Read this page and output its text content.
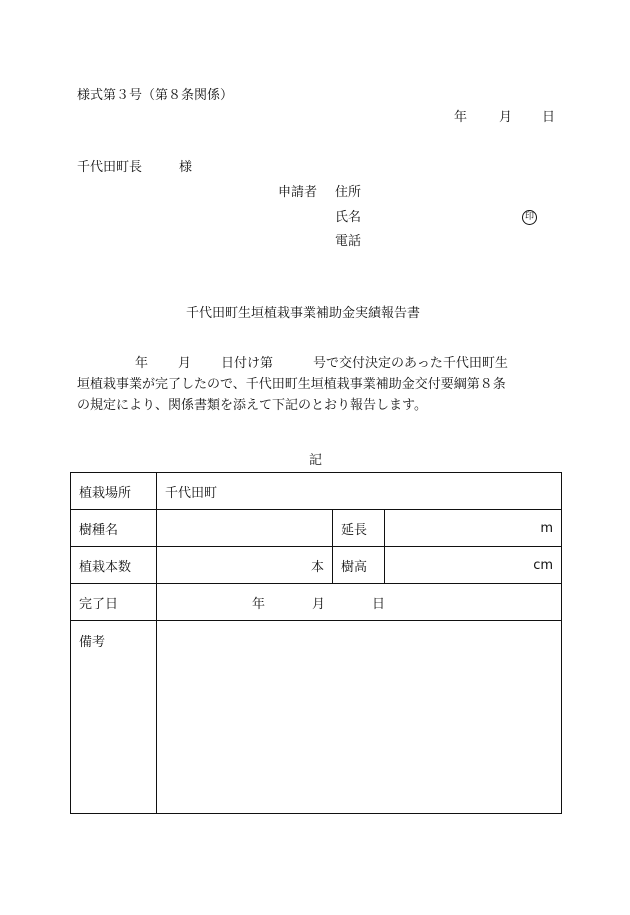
様式第３号（第８条関係）
年 月 日
千代田町長	様
申請者 住所
氏名	印
電話
千代田町生垣植栽事業補助金実績報告書
年 月 日付け第	号で交付決定のあった千代田町生
垣植栽事業が完了したので、千代田町生垣植栽事業補助金交付要綱第８条
の規定により、関係書類を添えて下記のとおり報告します。
記
植栽場所	千代田町		
樹種名		延長	m
植栽本数	本	樹高	cm
完了日	年 月 日		
備考			
